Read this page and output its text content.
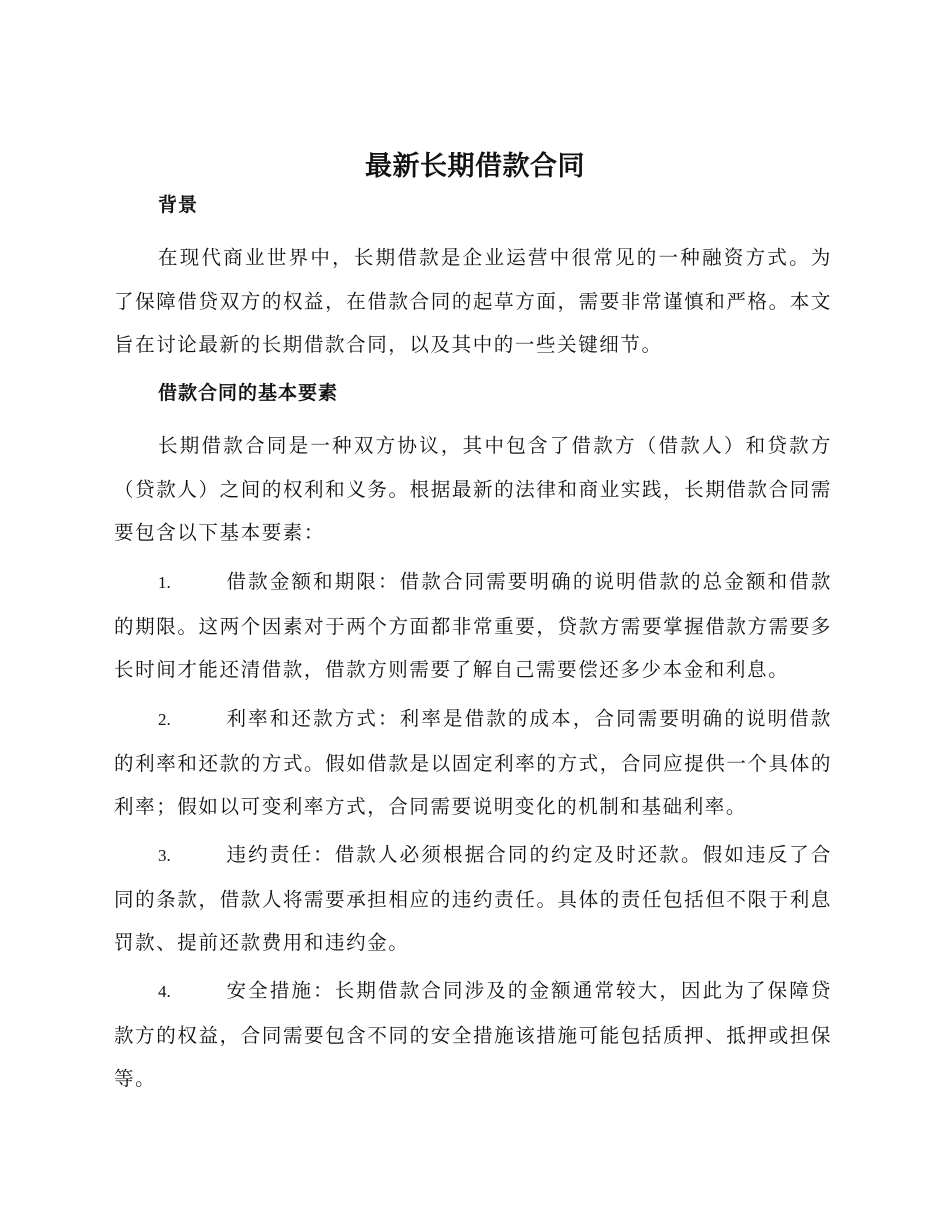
最新长期借款合同
背景
在现代商业世界中，长期借款是企业运营中很常见的一种融资方式。为了保障借贷双方的权益，在借款合同的起草方面，需要非常谨慎和严格。本文旨在讨论最新的长期借款合同，以及其中的一些关键细节。
借款合同的基本要素
长期借款合同是一种双方协议，其中包含了借款方（借款人）和贷款方（贷款人）之间的权利和义务。根据最新的法律和商业实践，长期借款合同需要包含以下基本要素：
1.	借款金额和期限：借款合同需要明确的说明借款的总金额和借款的期限。这两个因素对于两个方面都非常重要，贷款方需要掌握借款方需要多长时间才能还清借款，借款方则需要了解自己需要偿还多少本金和利息。
2.	利率和还款方式：利率是借款的成本，合同需要明确的说明借款的利率和还款的方式。假如借款是以固定利率的方式，合同应提供一个具体的利率；假如以可变利率方式，合同需要说明变化的机制和基础利率。
3.	违约责任：借款人必须根据合同的约定及时还款。假如违反了合同的条款，借款人将需要承担相应的违约责任。具体的责任包括但不限于利息罚款、提前还款费用和违约金。
4.	安全措施：长期借款合同涉及的金额通常较大，因此为了保障贷款方的权益，合同需要包含不同的安全措施该措施可能包括质押、抵押或担保等。
